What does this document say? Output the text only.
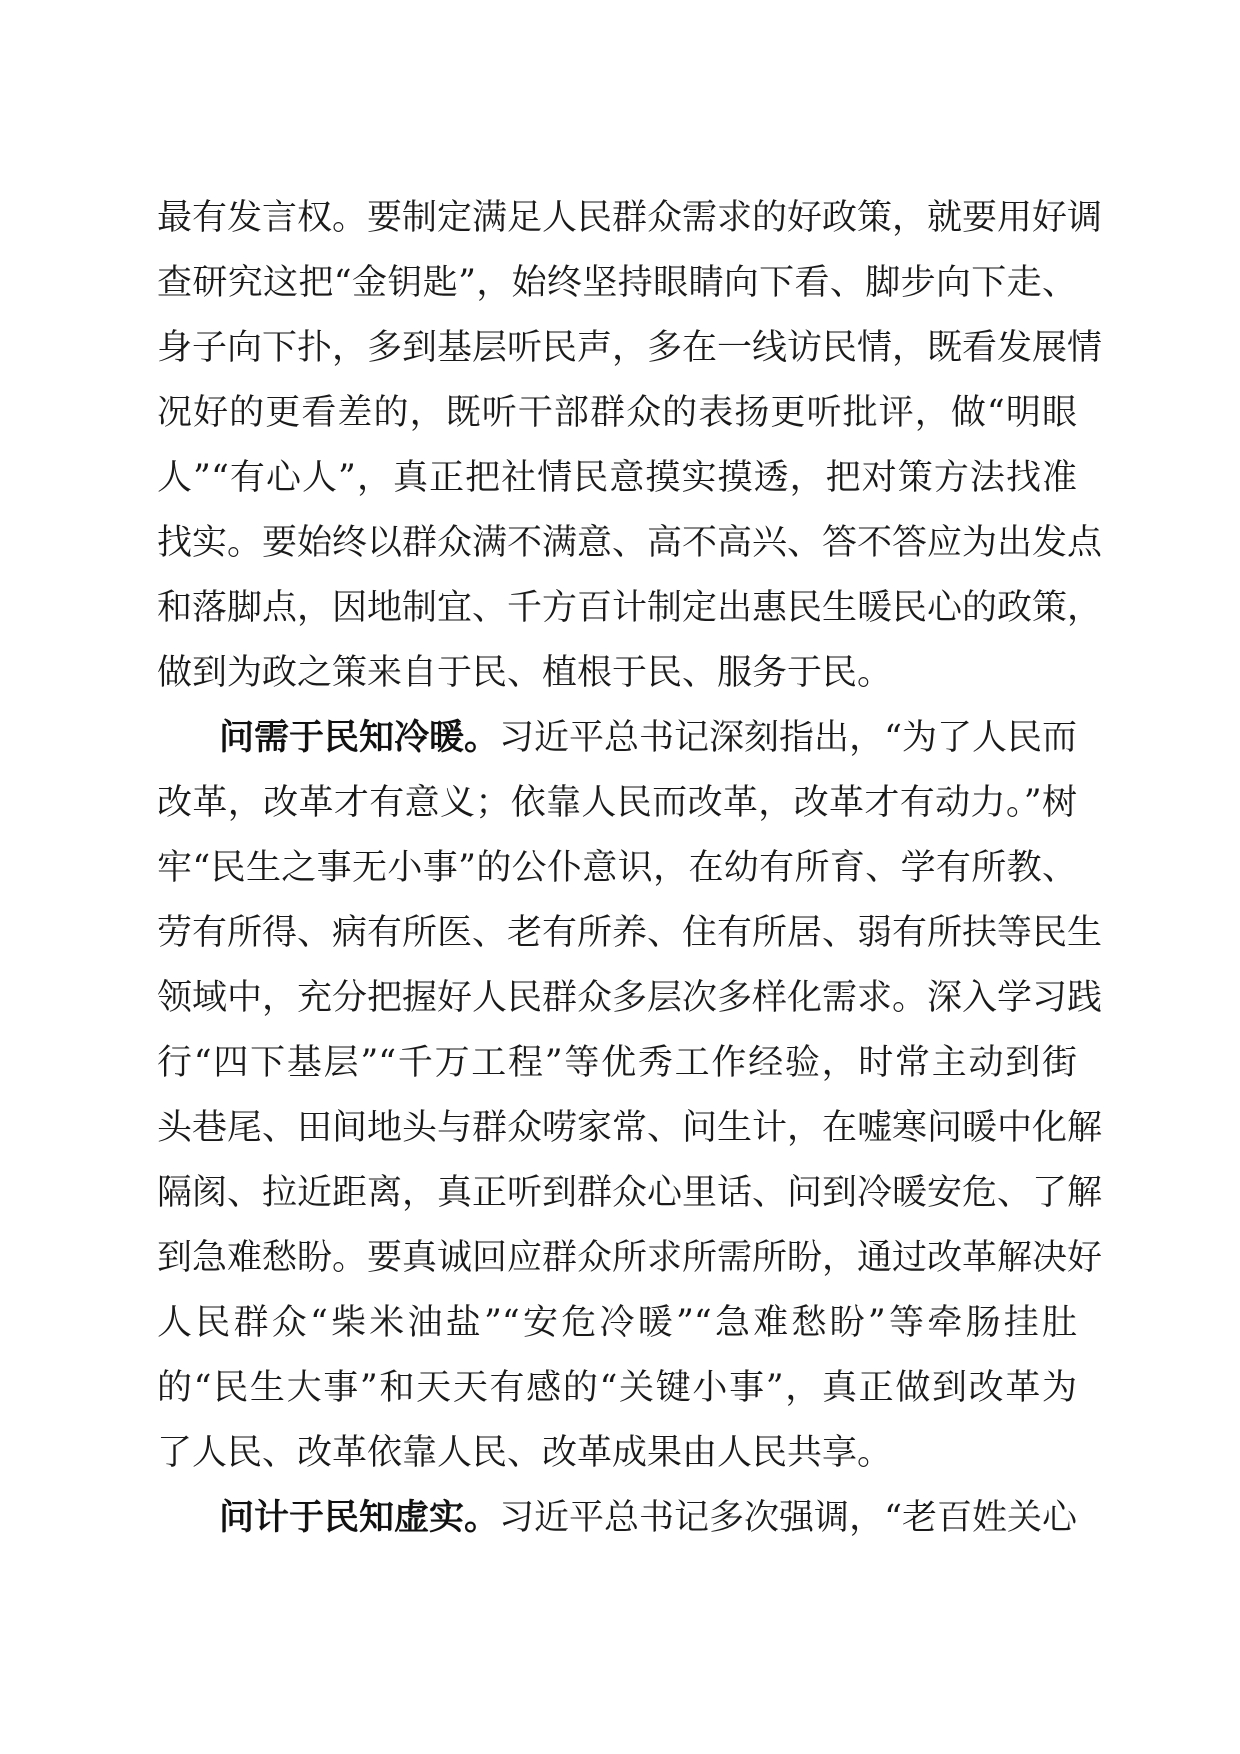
最有发言权。要制定满足人民群众需求的好政策，就要用好调
查研究这把“金钥匙”，始终坚持眼睛向下看、脚步向下走、
身子向下扑，多到基层听民声，多在一线访民情，既看发展情
况好的更看差的，既听干部群众的表扬更听批评，做“明眼
人”“有心人”，真正把社情民意摸实摸透，把对策方法找准
找实。要始终以群众满不满意、高不高兴、答不答应为出发点
和落脚点，因地制宜、千方百计制定出惠民生暖民心的政策，
做到为政之策来自于民、植根于民、服务于民。
问需于民知冷暖。习近平总书记深刻指出，“为了人民而
改革，改革才有意义；依靠人民而改革，改革才有动力。”树
牢“民生之事无小事”的公仆意识，在幼有所育、学有所教、
劳有所得、病有所医、老有所养、住有所居、弱有所扶等民生
领域中，充分把握好人民群众多层次多样化需求。深入学习践
行“四下基层”“千万工程”等优秀工作经验，时常主动到街
头巷尾、田间地头与群众唠家常、问生计，在嘘寒问暖中化解
隔阂、拉近距离，真正听到群众心里话、问到冷暖安危、了解
到急难愁盼。要真诚回应群众所求所需所盼，通过改革解决好
人民群众“柴米油盐”“安危冷暖”“急难愁盼”等牵肠挂肚
的“民生大事”和天天有感的“关键小事”，真正做到改革为
了人民、改革依靠人民、改革成果由人民共享。
问计于民知虚实。习近平总书记多次强调，“老百姓关心
